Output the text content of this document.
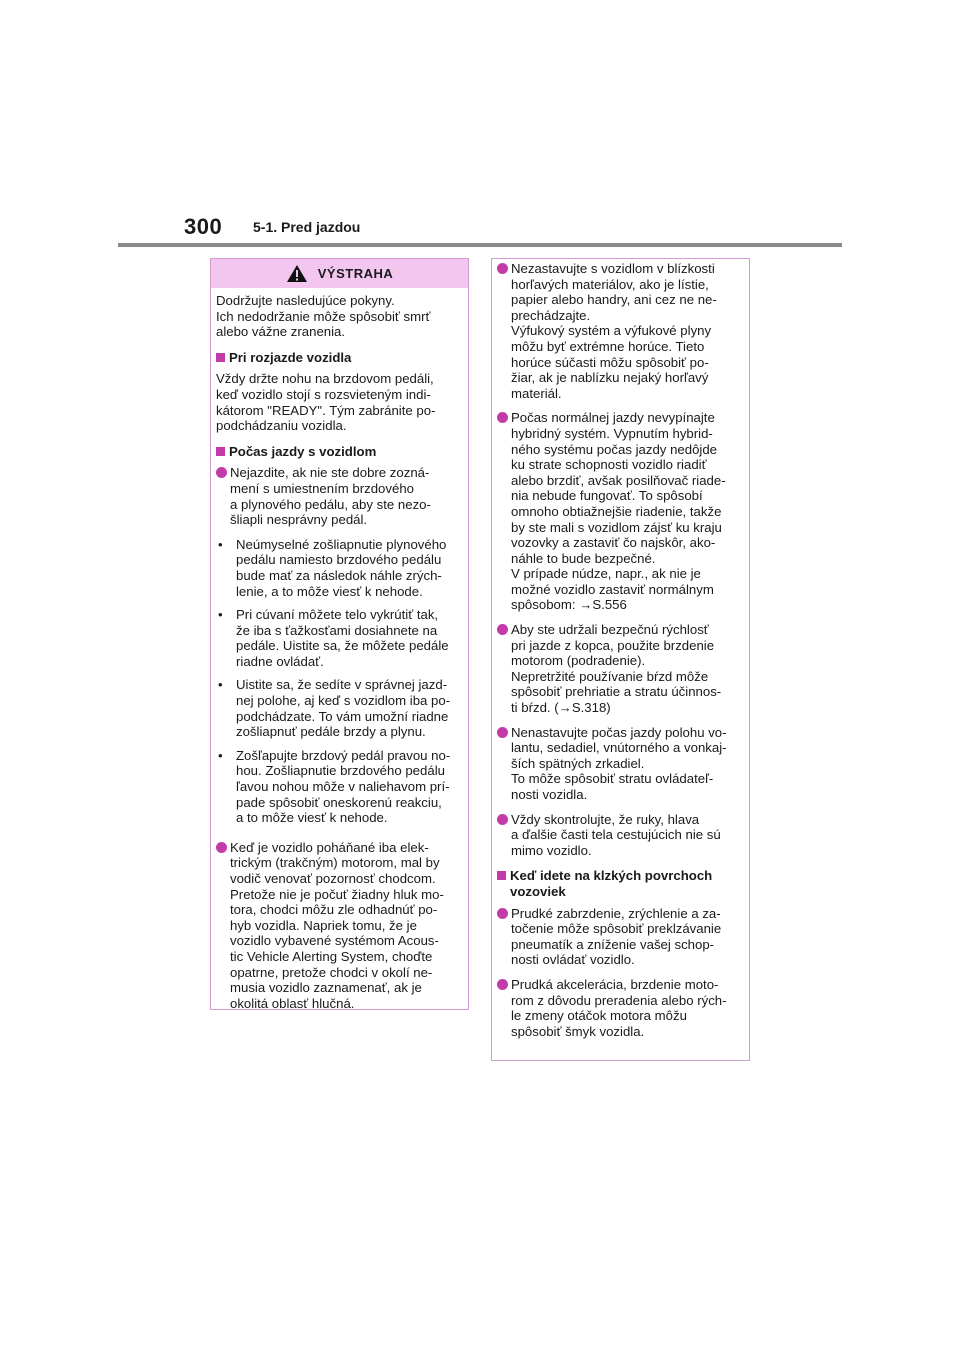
300 5-1. Pred jazdou
VÝSTRAHA
Dodržujte nasledujúce pokyny.
Ich nedodržanie môže spôsobiť smrť
alebo vážne zranenia.
Pri rozjazde vozidla
Vždy držte nohu na brzdovom pedáli,
keď vozidlo stojí s rozsvieteným indi-
kátorom "READY". Tým zabránite po-
podchádzaniu vozidla.
Počas jazdy s vozidlom
Nejazdite, ak nie ste dobre zozná-
mení s umiestnením brzdového
a plynového pedálu, aby ste nezo-
šliapli nesprávny pedál.
• Neúmyselné zošliapnutie plynového
pedálu namiesto brzdového pedálu
bude mať za následok náhle zrých-
lenie, a to môže viesť k nehode.
• Pri cúvaní môžete telo vykrútiť tak,
že iba s ťažkosťami dosiahnete na
pedále. Uistite sa, že môžete pedále
riadne ovládať.
• Uistite sa, že sedíte v správnej jazd-
nej polohe, aj keď s vozidlom iba po-
podchádzate. To vám umožní riadne
zošliapnuť pedále brzdy a plynu.
• Zošľapujte brzdový pedál pravou no-
hou. Zošliapnutie brzdového pedálu
ľavou nohou môže v naliehavom prí-
pade spôsobiť oneskorenú reakciu,
a to môže viesť k nehode.
Keď je vozidlo poháňané iba elek-
trickým (trakčným) motorom, mal by
vodič venovať pozornosť chodcom.
Pretože nie je počuť žiadny hluk mo-
tora, chodci môžu zle odhadnúť po-
hyb vozidla. Napriek tomu, že je
vozidlo vybavené systémom Acous-
tic Vehicle Alerting System, choďte
opatrne, pretože chodci v okolí ne-
musia vozidlo zaznamenať, ak je
okolitá oblasť hlučná.
Nezastavujte s vozidlom v blízkosti
horľavých materiálov, ako je lístie,
papier alebo handry, ani cez ne ne-
prechádzajte.
Výfukový systém a výfukové plyny
môžu byť extrémne horúce. Tieto
horúce súčasti môžu spôsobiť po-
žiar, ak je nablízku nejaký horľavý
materiál.
Počas normálnej jazdy nevypínajte
hybridný systém. Vypnutím hybrid-
ného systému počas jazdy nedôjde
ku strate schopnosti vozidlo riadiť
alebo brzdiť, avšak posilňovač riade-
nia nebude fungovať. To spôsobí
omnoho obtiažnejšie riadenie, takže
by ste mali s vozidlom zájsť ku kraju
vozovky a zastaviť čo najskôr, ako-
náhle to bude bezpečné.
V prípade núdze, napr., ak nie je
možné vozidlo zastaviť normálnym
spôsobom: →S.556
Aby ste udržali bezpečnú rýchlosť
pri jazde z kopca, použite brzdenie
motorom (podradenie).
Nepretržité používanie bŕzd môže
spôsobiť prehriatie a stratu účinnos-
ti bŕzd. (→S.318)
Nenastavujte počas jazdy polohu vo-
lantu, sedadiel, vnútorného a vonkaj-
ších spätných zrkadiel.
To môže spôsobiť stratu ovládateľ-
nosti vozidla.
Vždy skontrolujte, že ruky, hlava
a ďalšie časti tela cestujúcich nie sú
mimo vozidlo.
Keď idete na klzkých povrchoch
vozoviek
Prudké zabrzdenie, zrýchlenie a za-
točenie môže spôsobiť preklzávanie
pneumatík a zníženie vašej schop-
nosti ovládať vozidlo.
Prudká akcelerácia, brzdenie moto-
rom z dôvodu preradenia alebo rých-
le zmeny otáčok motora môžu
spôsobiť šmyk vozidla.
